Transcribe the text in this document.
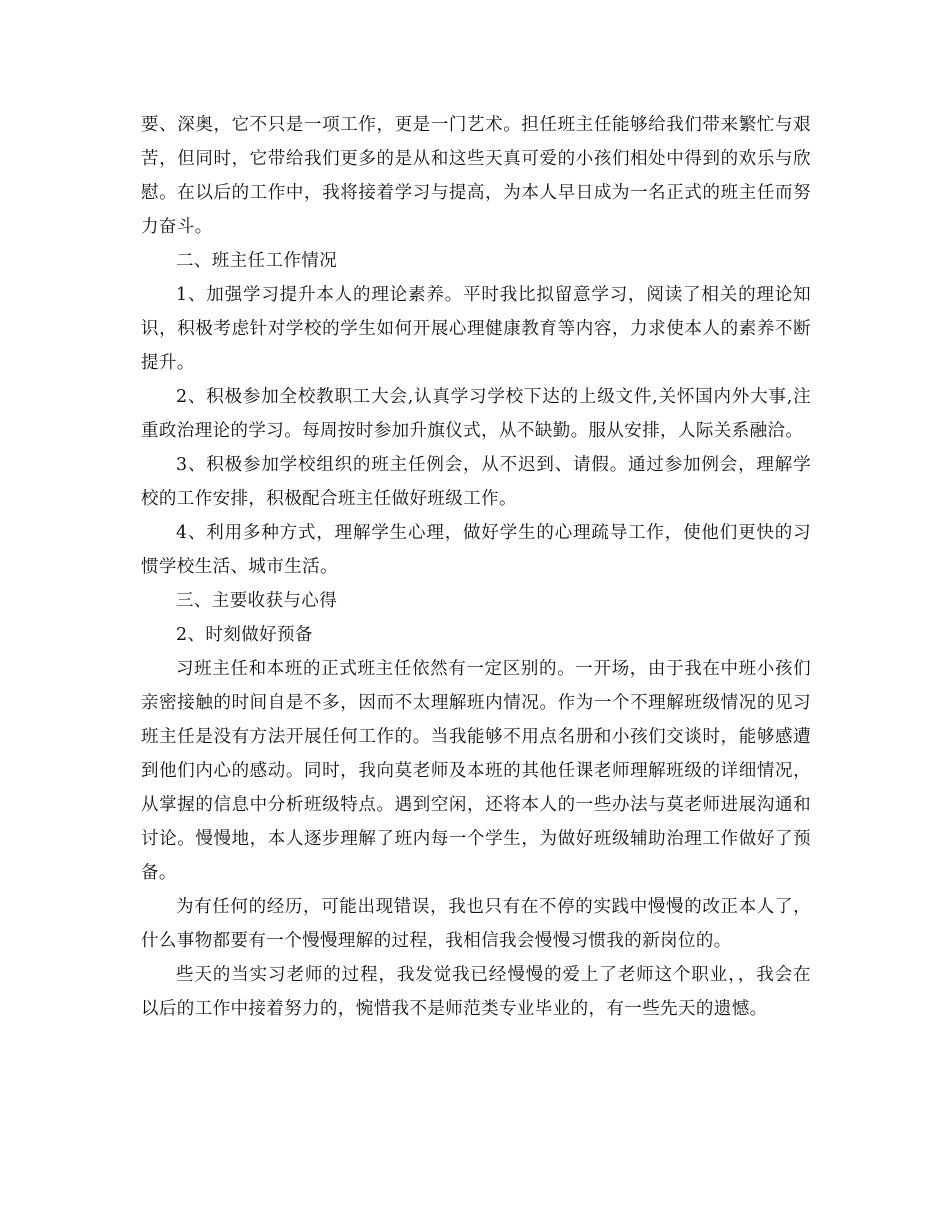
要、深奥，它不只是一项工作，更是一门艺术。担任班主任能够给我们带来繁忙与艰苦，但同时，它带给我们更多的是从和这些天真可爱的小孩们相处中得到的欢乐与欣慰。在以后的工作中，我将接着学习与提高，为本人早日成为一名正式的班主任而努力奋斗。

二、班主任工作情况

1、加强学习提升本人的理论素养。平时我比拟留意学习，阅读了相关的理论知识，积极考虑针对学校的学生如何开展心理健康教育等内容，力求使本人的素养不断提升。

2、积极参加全校教职工大会,认真学习学校下达的上级文件,关怀国内外大事,注重政治理论的学习。每周按时参加升旗仪式，从不缺勤。服从安排，人际关系融洽。

3、积极参加学校组织的班主任例会，从不迟到、请假。通过参加例会，理解学校的工作安排，积极配合班主任做好班级工作。

4、利用多种方式，理解学生心理，做好学生的心理疏导工作，使他们更快的习惯学校生活、城市生活。

三、主要收获与心得

2、时刻做好预备

习班主任和本班的正式班主任依然有一定区别的。一开场，由于我在中班小孩们亲密接触的时间自是不多，因而不太理解班内情况。作为一个不理解班级情况的见习班主任是没有方法开展任何工作的。当我能够不用点名册和小孩们交谈时，能够感遭到他们内心的感动。同时，我向莫老师及本班的其他任课老师理解班级的详细情况，从掌握的信息中分析班级特点。遇到空闲，还将本人的一些办法与莫老师进展沟通和讨论。慢慢地，本人逐步理解了班内每一个学生，为做好班级辅助治理工作做好了预备。

为有任何的经历，可能出现错误，我也只有在不停的实践中慢慢的改正本人了，什么事物都要有一个慢慢理解的过程，我相信我会慢慢习惯我的新岗位的。

些天的当实习老师的过程，我发觉我已经慢慢的爱上了老师这个职业，，我会在以后的工作中接着努力的，惋惜我不是师范类专业毕业的，有一些先天的遗憾。
